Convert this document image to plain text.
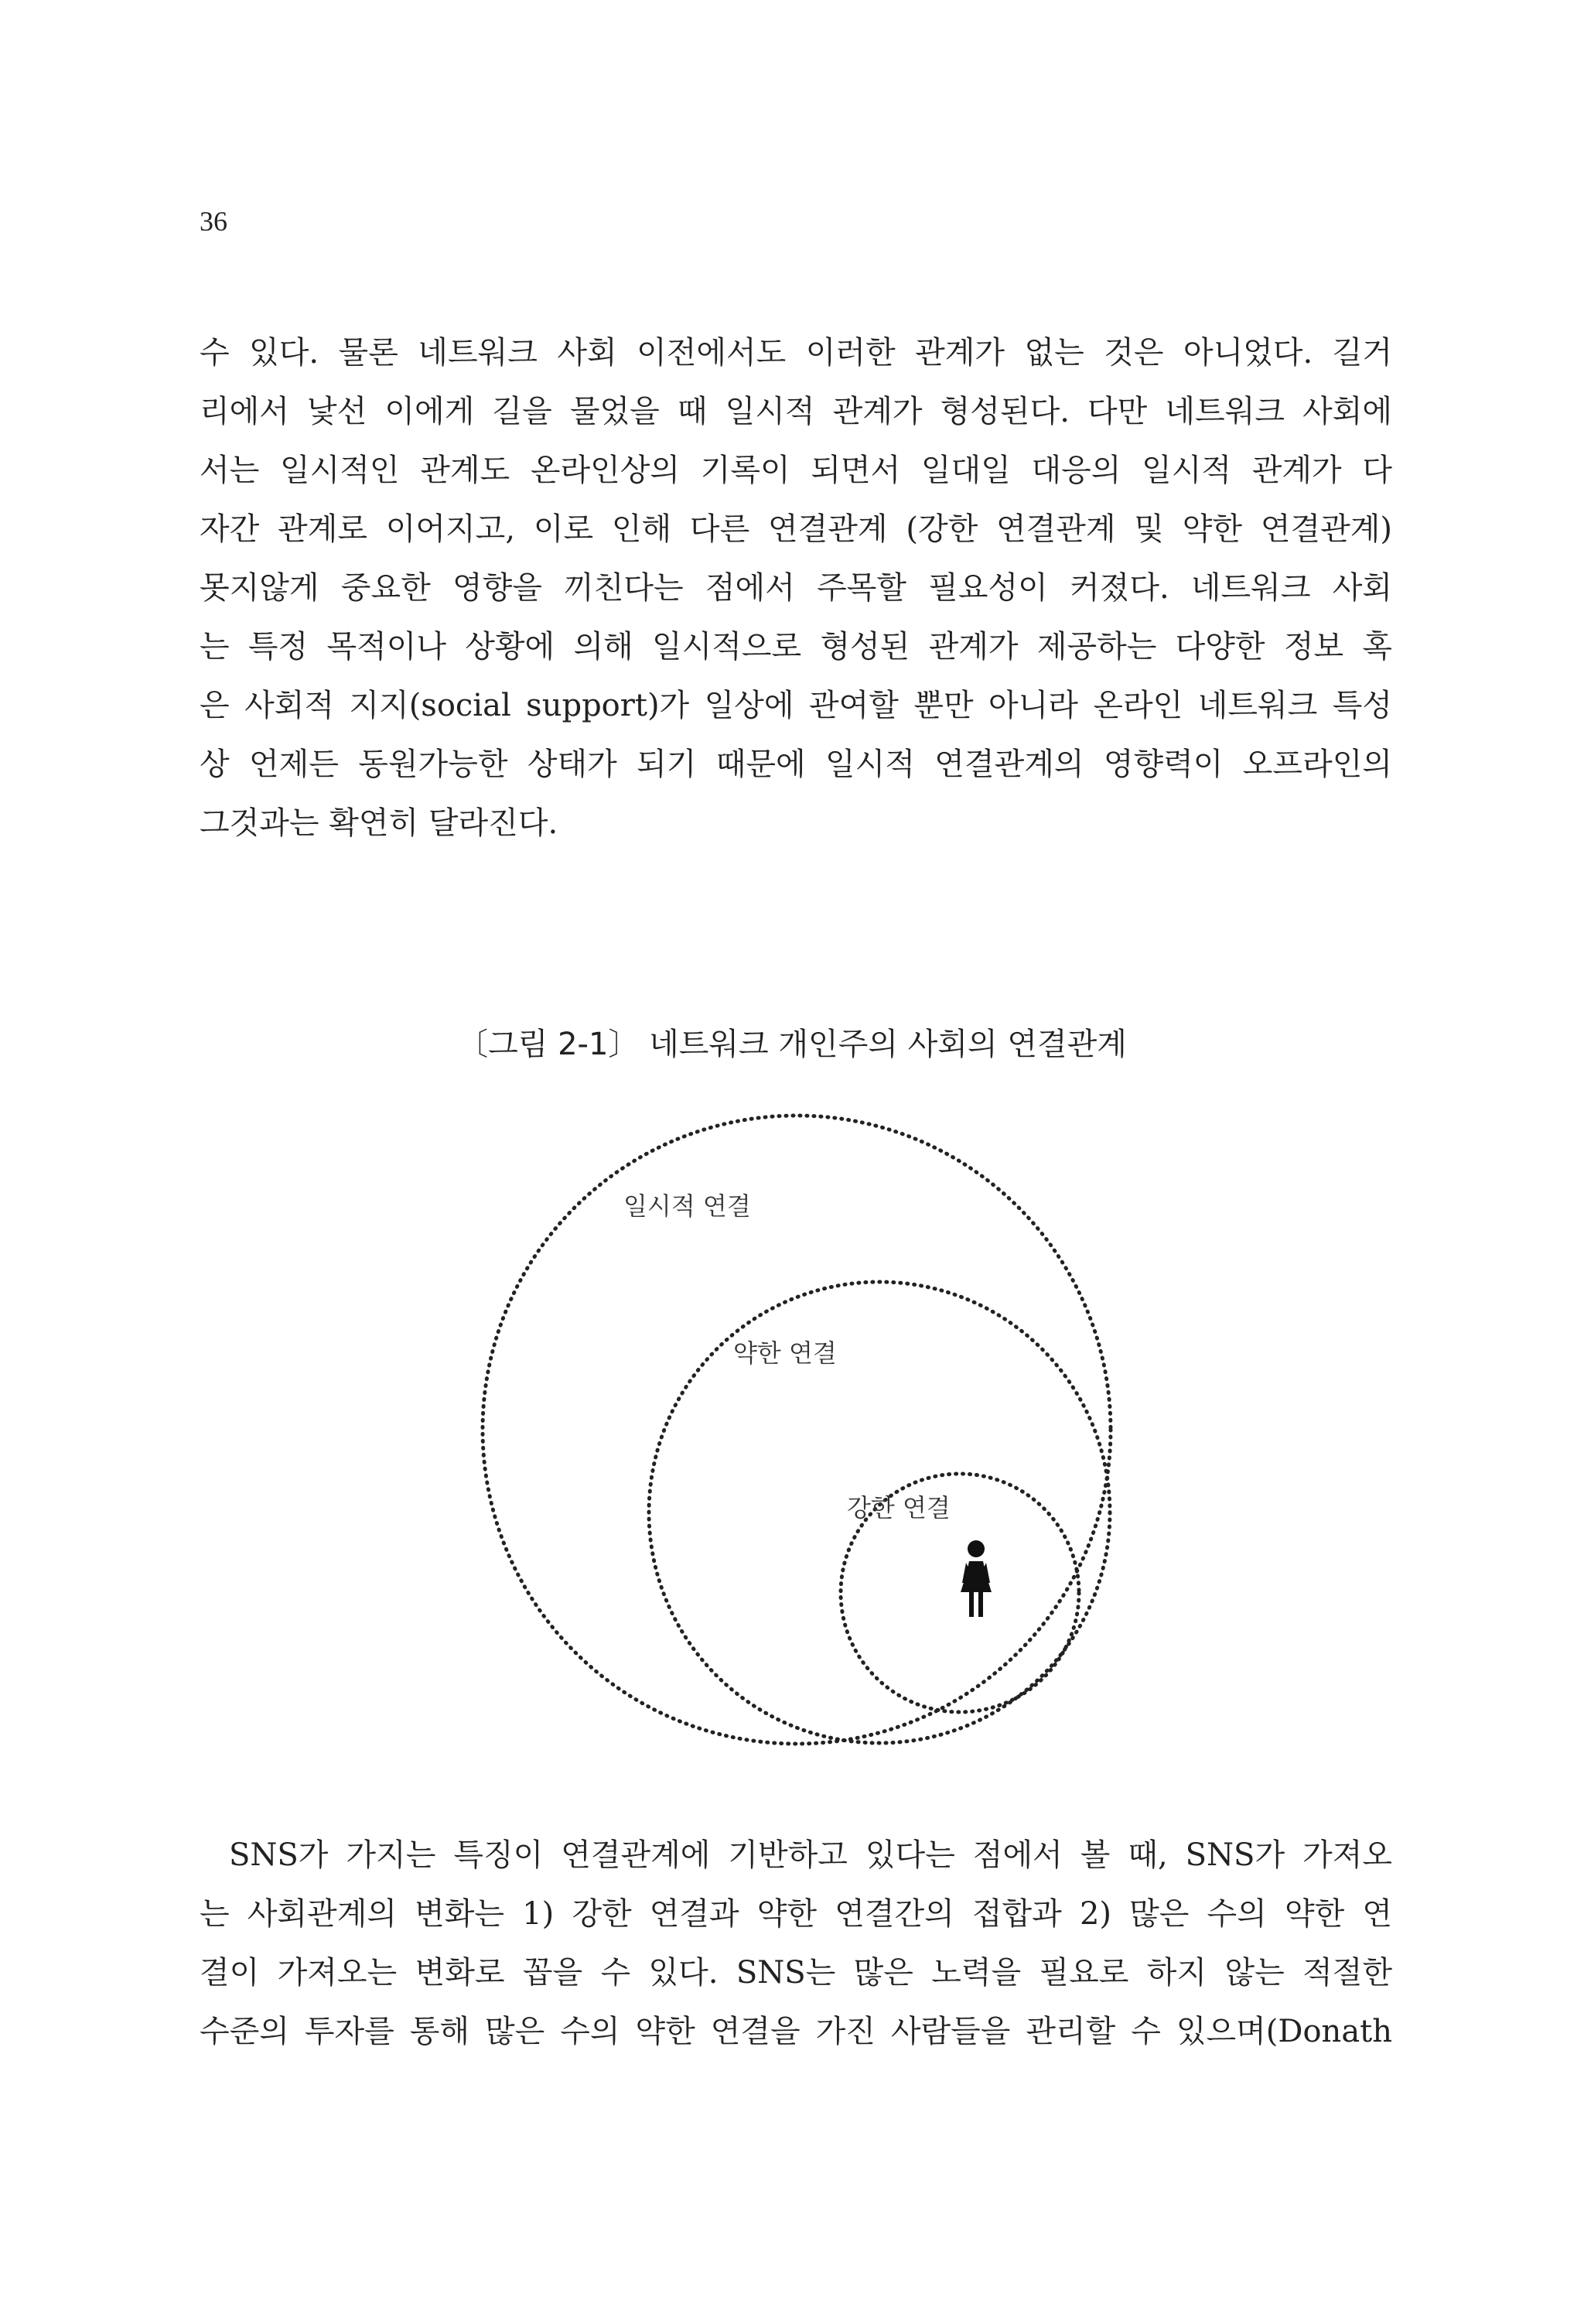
36
수 있다. 물론 네트워크 사회 이전에서도 이러한 관계가 없는 것은 아니었다. 길거
리에서 낯선 이에게 길을 물었을 때 일시적 관계가 형성된다. 다만 네트워크 사회에
서는 일시적인 관계도 온라인상의 기록이 되면서 일대일 대응의 일시적 관계가 다
자간 관계로 이어지고, 이로 인해 다른 연결관계 (강한 연결관계 및 약한 연결관계)
못지않게 중요한 영향을 끼친다는 점에서 주목할 필요성이 커졌다. 네트워크 사회
는 특정 목적이나 상황에 의해 일시적으로 형성된 관계가 제공하는 다양한 정보 혹
은 사회적 지지(social support)가 일상에 관여할 뿐만 아니라 온라인 네트워크 특성
상 언제든 동원가능한 상태가 되기 때문에 일시적 연결관계의 영향력이 오프라인의
그것과는 확연히 달라진다.
〔그림 2-1〕 네트워크 개인주의 사회의 연결관계
일시적 연결
약한 연결
강한 연결
SNS가 가지는 특징이 연결관계에 기반하고 있다는 점에서 볼 때, SNS가 가져오
는 사회관계의 변화는 1) 강한 연결과 약한 연결간의 접합과 2) 많은 수의 약한 연
결이 가져오는 변화로 꼽을 수 있다. SNS는 많은 노력을 필요로 하지 않는 적절한
수준의 투자를 통해 많은 수의 약한 연결을 가진 사람들을 관리할 수 있으며(Donath
